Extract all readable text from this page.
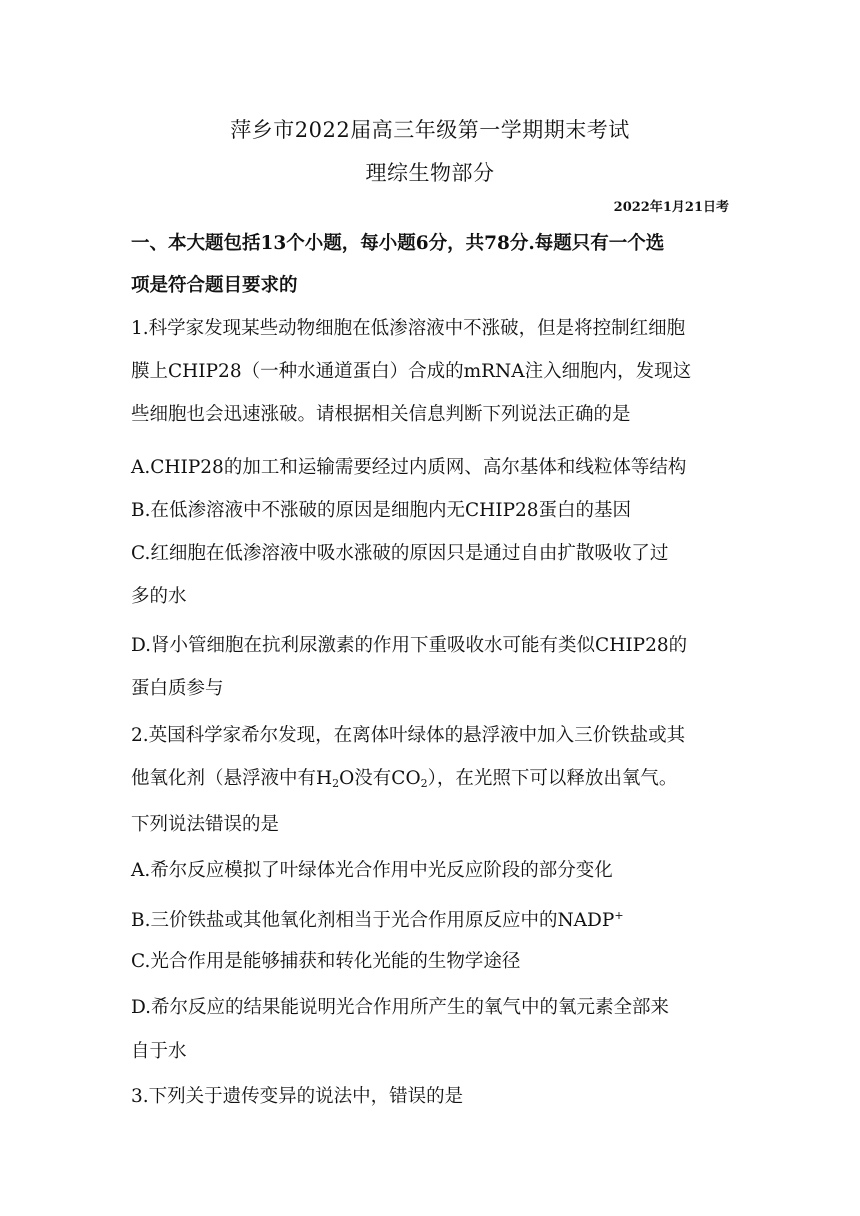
萍乡市2022届高三年级第一学期期末考试
理综生物部分
2022年1月21日考
一、本大题包括13个小题，每小题6分，共78分.每题只有一个选
项是符合题目要求的
1.科学家发现某些动物细胞在低渗溶液中不涨破，但是将控制红细胞
膜上CHIP28（一种水通道蛋白）合成的mRNA注入细胞内，发现这
些细胞也会迅速涨破。请根据相关信息判断下列说法正确的是
A.CHIP28的加工和运输需要经过内质网、高尔基体和线粒体等结构
B.在低渗溶液中不涨破的原因是细胞内无CHIP28蛋白的基因
C.红细胞在低渗溶液中吸水涨破的原因只是通过自由扩散吸收了过
多的水
D.肾小管细胞在抗利尿激素的作用下重吸收水可能有类似CHIP28的
蛋白质参与
2.英国科学家希尔发现，在离体叶绿体的悬浮液中加入三价铁盐或其
他氧化剂（悬浮液中有$H_2O$没有$CO_2$），在光照下可以释放出氧气。
下列说法错误的是
A.希尔反应模拟了叶绿体光合作用中光反应阶段的部分变化
B.三价铁盐或其他氧化剂相当于光合作用原反应中的NADP+
C.光合作用是能够捕获和转化光能的生物学途径
D.希尔反应的结果能说明光合作用所产生的氧气中的氧元素全部来
自于水
3.下列关于遗传变异的说法中，错误的是
